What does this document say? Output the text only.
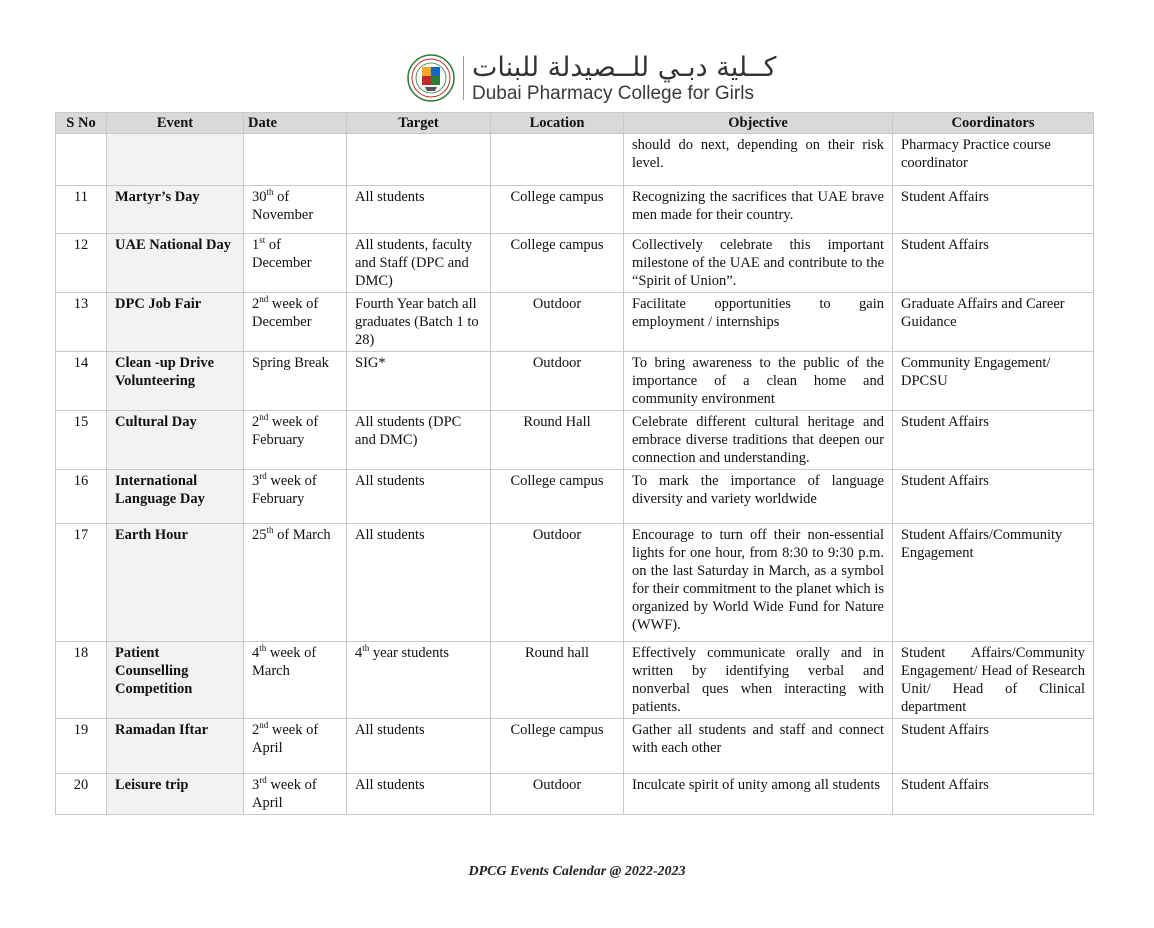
كــلية دبـي للــصيدلة للبنات
Dubai Pharmacy College for Girls
S No	Event	Date	Target	Location	Objective	Coordinators
					should do next, depending on their risk level.	Pharmacy Practice course coordinator
11	Martyr’s Day	30th of November	All students	College campus	Recognizing the sacrifices that UAE brave men made for their country.	Student Affairs
12	UAE National Day	1st of December	All students, faculty and Staff (DPC and DMC)	College campus	Collectively celebrate this important milestone of the UAE and contribute to the “Spirit of Union”.	Student Affairs
13	DPC Job Fair	2nd week of December	Fourth Year batch all graduates (Batch 1 to 28)	Outdoor	Facilitate opportunities to gain employment / internships	Graduate Affairs and Career Guidance
14	Clean -up Drive Volunteering	Spring Break	SIG*	Outdoor	To bring awareness to the public of the importance of a clean home and community environment	Community Engagement/ DPCSU
15	Cultural Day	2nd week of February	All students (DPC and DMC)	Round Hall	Celebrate different cultural heritage and embrace diverse traditions that deepen our connection and understanding.	Student Affairs
16	International Language Day	3rd week of February	All students	College campus	To mark the importance of language diversity and variety worldwide	Student Affairs
17	Earth Hour	25th of March	All students	Outdoor	Encourage to turn off their non-essential lights for one hour, from 8:30 to 9:30 p.m. on the last Saturday in March, as a symbol for their commitment to the planet which is organized by World Wide Fund for Nature (WWF).	Student Affairs/Community Engagement
18	Patient Counselling Competition	4th week of March	4th year students	Round hall	Effectively communicate orally and in written by identifying verbal and nonverbal ques when interacting with patients.	Student Affairs/Community Engagement/ Head of Research Unit/ Head of Clinical department
19	Ramadan Iftar	2nd week of April	All students	College campus	Gather all students and staff and connect with each other	Student Affairs
20	Leisure trip	3rd week of April	All students	Outdoor	Inculcate spirit of unity among all students	Student Affairs
DPCG Events Calendar @ 2022-2023
